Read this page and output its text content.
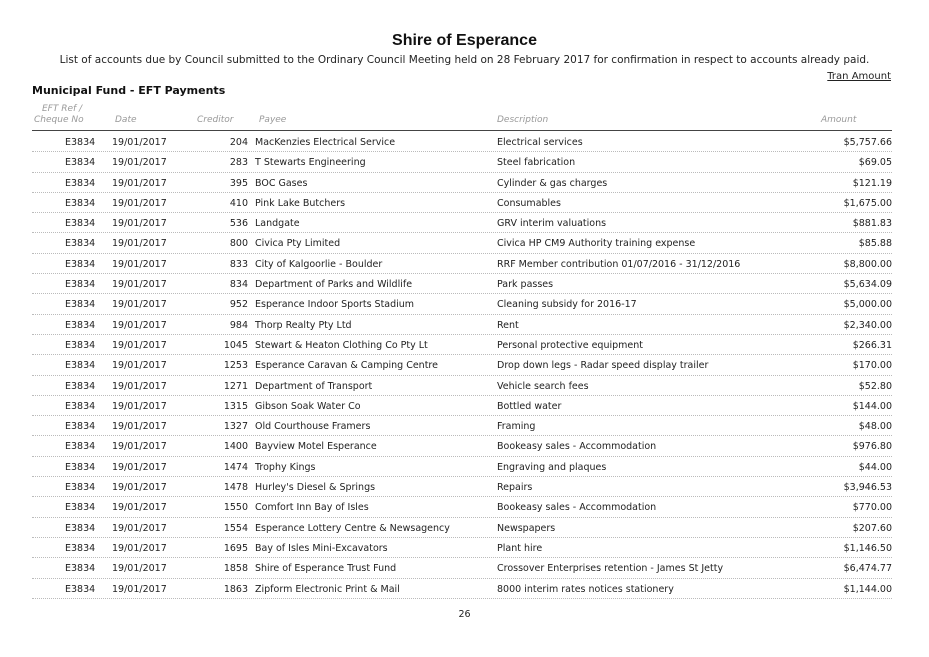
Shire of Esperance
List of accounts due by Council submitted to the Ordinary Council Meeting held on 28 February 2017 for confirmation in respect to accounts already paid.
Tran Amount
Municipal Fund - EFT Payments
EFT Ref /
Cheque No	Date	Creditor	Payee	Description	Amount
E3834 19/01/2017	204 MacKenzies Electrical Service	Electrical services	$5,757.66
E3834 19/01/2017	283 T Stewarts Engineering	Steel fabrication	$69.05
E3834 19/01/2017	395 BOC Gases	Cylinder & gas charges	$121.19
E3834 19/01/2017	410 Pink Lake Butchers	Consumables	$1,675.00
E3834 19/01/2017	536 Landgate	GRV interim valuations	$881.83
E3834 19/01/2017	800 Civica Pty Limited	Civica HP CM9 Authority training expense	$85.88
E3834 19/01/2017	833 City of Kalgoorlie - Boulder	RRF Member contribution 01/07/2016 - 31/12/2016	$8,800.00
E3834 19/01/2017	834 Department of Parks and Wildlife	Park passes	$5,634.09
E3834 19/01/2017	952 Esperance Indoor Sports Stadium	Cleaning subsidy for 2016-17	$5,000.00
E3834 19/01/2017	984 Thorp Realty Pty Ltd	Rent	$2,340.00
E3834 19/01/2017	1045 Stewart & Heaton Clothing Co Pty Lt	Personal protective equipment	$266.31
E3834 19/01/2017	1253 Esperance Caravan & Camping Centre	Drop down legs - Radar speed display trailer	$170.00
E3834 19/01/2017	1271 Department of Transport	Vehicle search fees	$52.80
E3834 19/01/2017	1315 Gibson Soak Water Co	Bottled water	$144.00
E3834 19/01/2017	1327 Old Courthouse Framers	Framing	$48.00
E3834 19/01/2017	1400 Bayview Motel Esperance	Bookeasy sales - Accommodation	$976.80
E3834 19/01/2017	1474 Trophy Kings	Engraving and plaques	$44.00
E3834 19/01/2017	1478 Hurley's Diesel & Springs	Repairs	$3,946.53
E3834 19/01/2017	1550 Comfort Inn Bay of Isles	Bookeasy sales - Accommodation	$770.00
E3834 19/01/2017	1554 Esperance Lottery Centre & Newsagency	Newspapers	$207.60
E3834 19/01/2017	1695 Bay of Isles Mini-Excavators	Plant hire	$1,146.50
E3834 19/01/2017	1858 Shire of Esperance Trust Fund	Crossover Enterprises retention - James St Jetty	$6,474.77
E3834 19/01/2017	1863 Zipform Electronic Print & Mail	8000 interim rates notices stationery	$1,144.00
26
